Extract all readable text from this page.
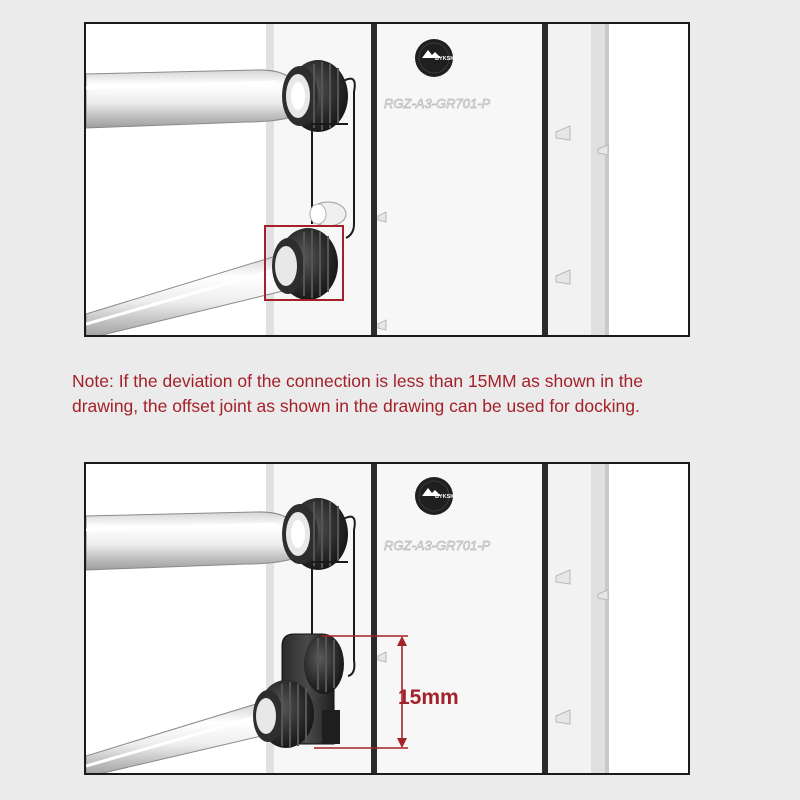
RGZ-A3-GR701-P
BYKSKI

Note: If the deviation of the connection is less than 15MM as shown in the
drawing, the offset joint as shown in the drawing can be used for docking.

RGZ-A3-GR701-P
BYKSKI
15mm
